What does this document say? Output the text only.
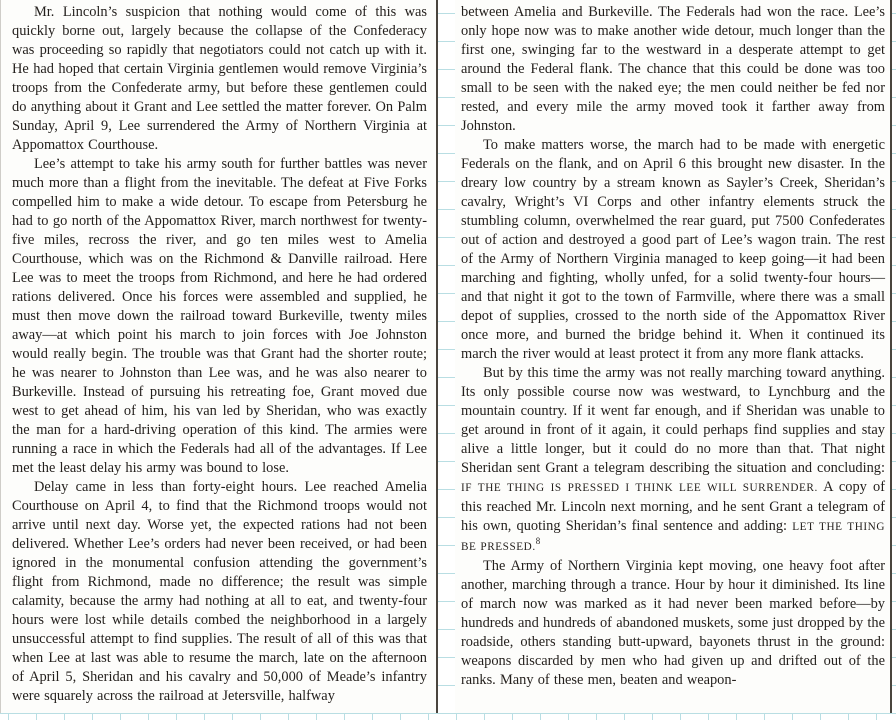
Mr. Lincoln’s suspicion that nothing would come of this was quickly borne out, largely because the collapse of the Confederacy was proceeding so rapidly that negotiators could not catch up with it. He had hoped that certain Virginia gentlemen would remove Virginia’s troops from the Confederate army, but before these gentlemen could do anything about it Grant and Lee settled the matter forever. On Palm Sunday, April 9, Lee surrendered the Army of Northern Virginia at Appomattox Courthouse.

Lee’s attempt to take his army south for further battles was never much more than a flight from the inevitable. The defeat at Five Forks compelled him to make a wide detour. To escape from Petersburg he had to go north of the Appomattox River, march northwest for twenty-five miles, recross the river, and go ten miles west to Amelia Courthouse, which was on the Richmond & Danville railroad. Here Lee was to meet the troops from Richmond, and here he had ordered rations delivered. Once his forces were assembled and supplied, he must then move down the railroad toward Burkeville, twenty miles away—at which point his march to join forces with Joe Johnston would really begin. The trouble was that Grant had the shorter route; he was nearer to Johnston than Lee was, and he was also nearer to Burkeville. Instead of pursuing his retreating foe, Grant moved due west to get ahead of him, his van led by Sheridan, who was exactly the man for a hard-driving operation of this kind. The armies were running a race in which the Federals had all of the advantages. If Lee met the least delay his army was bound to lose.

Delay came in less than forty-eight hours. Lee reached Amelia Courthouse on April 4, to find that the Richmond troops would not arrive until next day. Worse yet, the expected rations had not been delivered. Whether Lee’s orders had never been received, or had been ignored in the monumental confusion attending the government’s flight from Richmond, made no difference; the result was simple calamity, because the army had nothing at all to eat, and twenty-four hours were lost while details combed the neighborhood in a largely unsuccessful attempt to find supplies. The result of all of this was that when Lee at last was able to resume the march, late on the afternoon of April 5, Sheridan and his cavalry and 50,000 of Meade’s infantry were squarely across the railroad at Jetersville, halfway

between Amelia and Burkeville. The Federals had won the race. Lee’s only hope now was to make another wide detour, much longer than the first one, swinging far to the westward in a desperate attempt to get around the Federal flank. The chance that this could be done was too small to be seen with the naked eye; the men could neither be fed nor rested, and every mile the army moved took it farther away from Johnston.

To make matters worse, the march had to be made with energetic Federals on the flank, and on April 6 this brought new disaster. In the dreary low country by a stream known as Sayler’s Creek, Sheridan’s cavalry, Wright’s VI Corps and other infantry elements struck the stumbling column, overwhelmed the rear guard, put 7500 Confederates out of action and destroyed a good part of Lee’s wagon train. The rest of the Army of Northern Virginia managed to keep going—it had been marching and fighting, wholly unfed, for a solid twenty-four hours—and that night it got to the town of Farmville, where there was a small depot of supplies, crossed to the north side of the Appomattox River once more, and burned the bridge behind it. When it continued its march the river would at least protect it from any more flank attacks.

But by this time the army was not really marching toward anything. Its only possible course now was westward, to Lynchburg and the mountain country. If it went far enough, and if Sheridan was unable to get around in front of it again, it could perhaps find supplies and stay alive a little longer, but it could do no more than that. That night Sheridan sent Grant a telegram describing the situation and concluding: IF THE THING IS PRESSED I THINK LEE WILL SURRENDER. A copy of this reached Mr. Lincoln next morning, and he sent Grant a telegram of his own, quoting Sheridan’s final sentence and adding: LET THE THING BE PRESSED.$^8$

The Army of Northern Virginia kept moving, one heavy foot after another, marching through a trance. Hour by hour it diminished. Its line of march now was marked as it had never been marked before—by hundreds and hundreds of abandoned muskets, some just dropped by the roadside, others standing butt-upward, bayonets thrust in the ground: weapons discarded by men who had given up and drifted out of the ranks. Many of these men, beaten and weapon-
